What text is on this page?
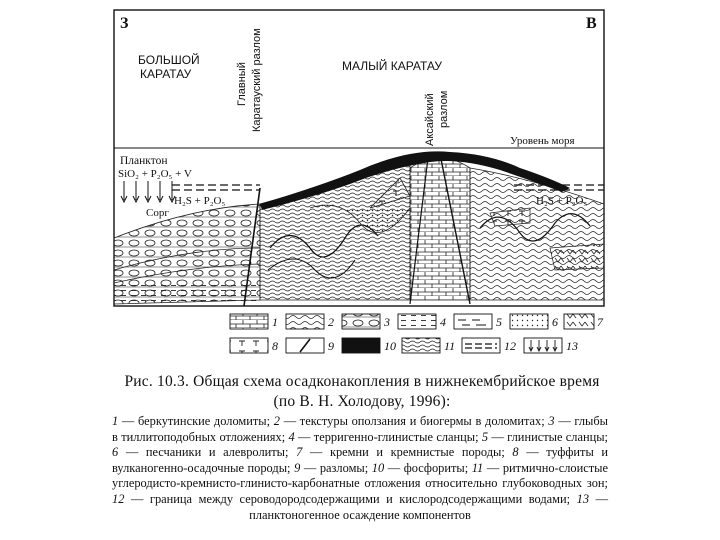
З	В
БОЛЬШОЙ
КАРАТАУ
МАЛЫЙ КАРАТАУ
Главный Каратауский разлом	Аксайский разлом
Уровень моря
Планктон
SiO₂ + P₂O₅ + V
Cорг
H₂S + P₂O₅
1	2	3	4	5	6	7
8	9	10	11	12	13
Рис. 10.3. Общая схема осадконакопления в нижнекембрийское время
(по В. Н. Холодову, 1996):
1 — беркутинские доломиты; 2 — текстуры оползания и биогермы в доломитах; 3 — глыбы в тиллитоподобных отложениях; 4 — терригенно-глинистые сланцы; 5 — глинистые сланцы; 6 — песчаники и алевролиты; 7 — кремни и кремнистые породы; 8 — туффиты и вулканогенно-осадочные породы; 9 — разломы; 10 — фосфориты; 11 — ритмично-слоистые углеродисто-кремнисто-глинисто-карбонатные отложения относительно глубоководных зон; 12 — граница между сероводородсодержащими и кислородсодержащими водами; 13 — планктоногенное осаждение компонентов
